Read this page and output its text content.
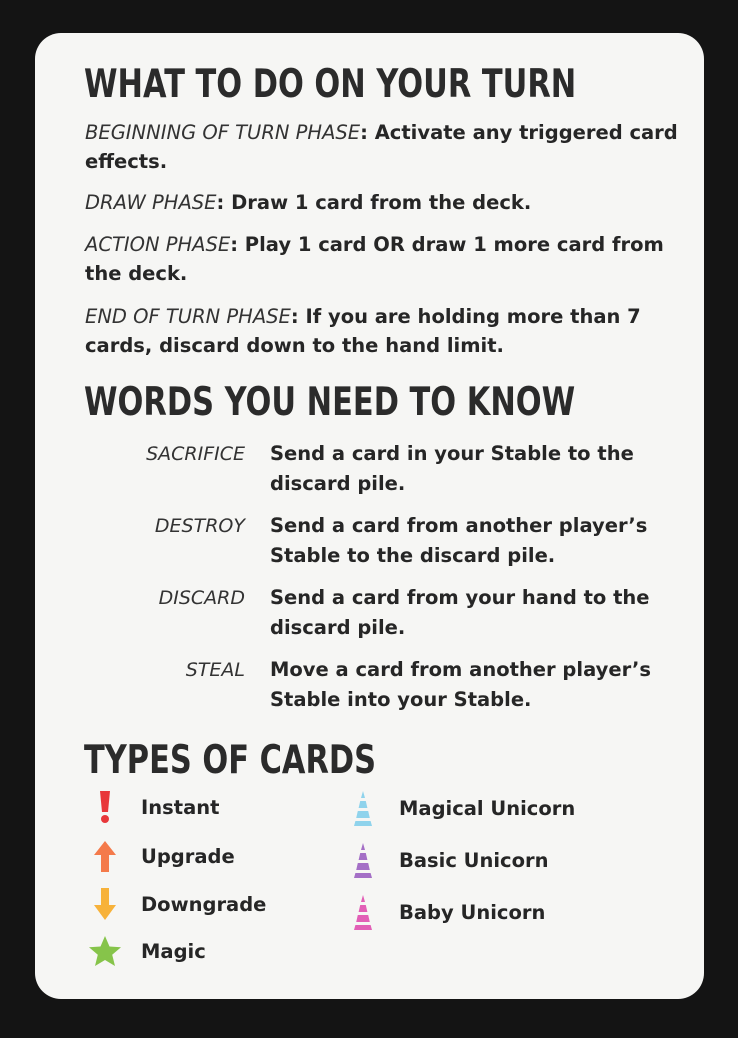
WHAT TO DO ON YOUR TURN
BEGINNING OF TURN PHASE: Activate any triggered card effects.
DRAW PHASE: Draw 1 card from the deck.
ACTION PHASE: Play 1 card OR draw 1 more card from the deck.
END OF TURN PHASE: If you are holding more than 7 cards, discard down to the hand limit.
WORDS YOU NEED TO KNOW
SACRIFICE Send a card in your Stable to the discard pile.
DESTROY Send a card from another player’s Stable to the discard pile.
DISCARD Send a card from your hand to the discard pile.
STEAL Move a card from another player’s Stable into your Stable.
TYPES OF CARDS
Instant
Upgrade
Downgrade
Magic
Magical Unicorn
Basic Unicorn
Baby Unicorn
